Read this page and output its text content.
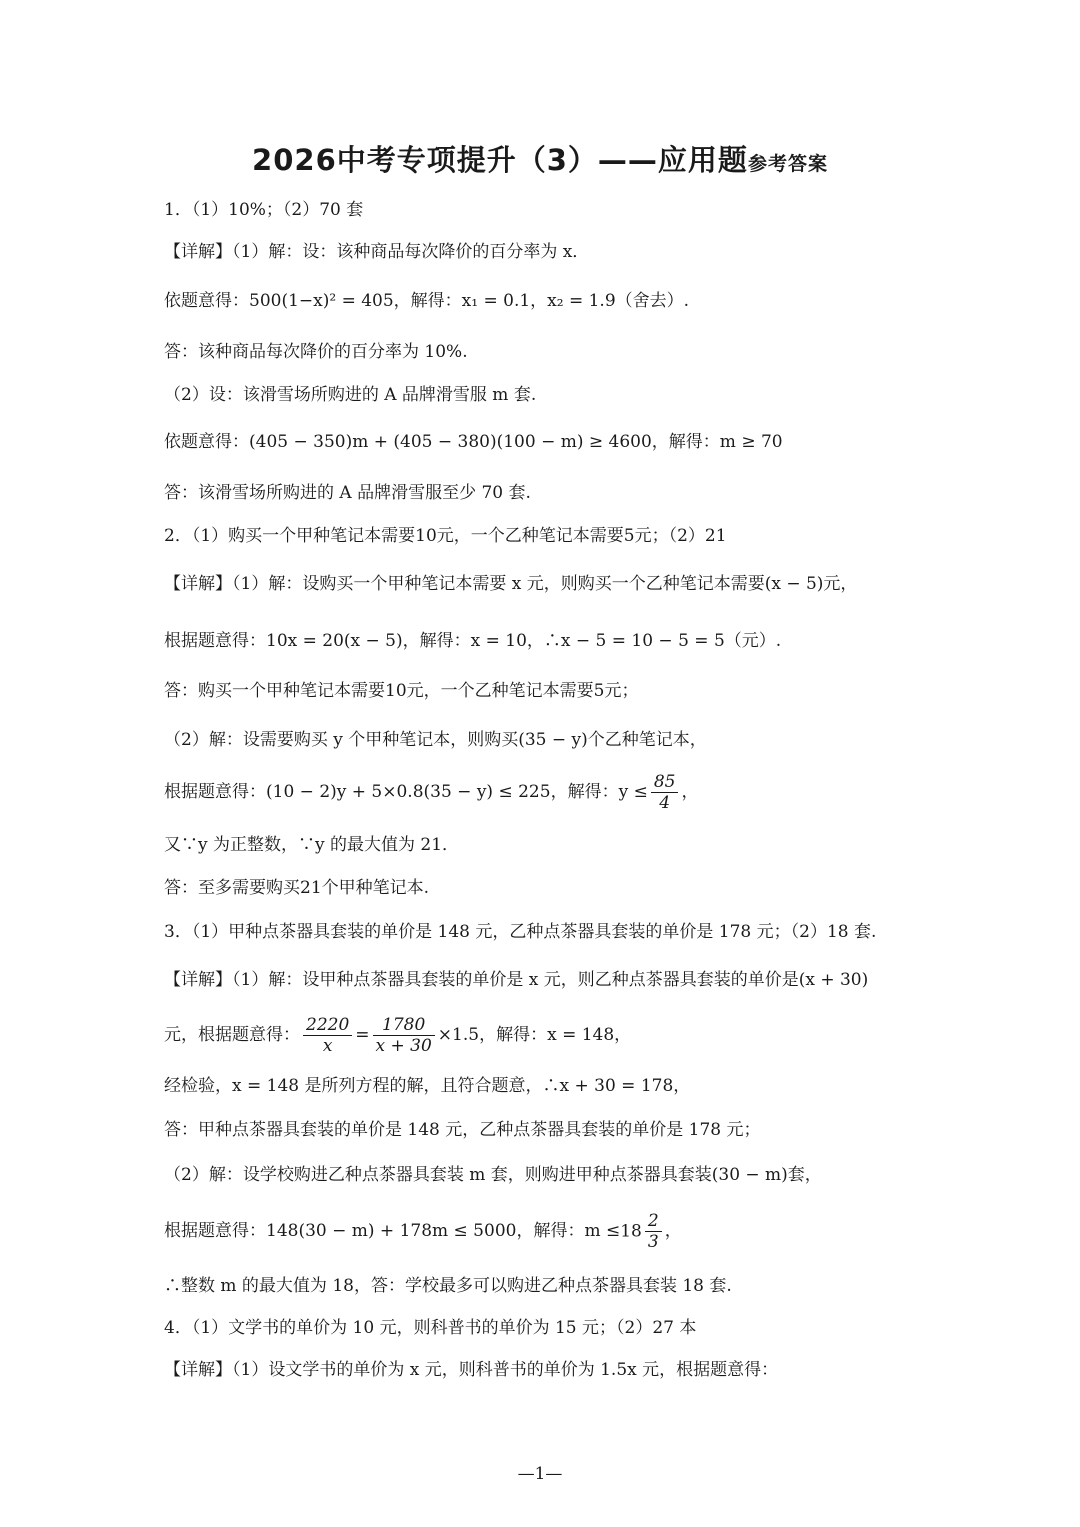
2026中考专项提升（3）——应用题参考答案
1．（1）10%；（2）70 套
【详解】（1）解：设：该种商品每次降价的百分率为 x．
依题意得：500(1−x)² = 405，解得：x₁ = 0.1，x₂ = 1.9（舍去）.
答：该种商品每次降价的百分率为 10%.
（2）设：该滑雪场所购进的 A 品牌滑雪服 m 套.
依题意得：(405 − 350)m + (405 − 380)(100 − m) ≥ 4600，解得：m ≥ 70
答：该滑雪场所购进的 A 品牌滑雪服至少 70 套.
2．（1）购买一个甲种笔记本需要10元，一个乙种笔记本需要5元；（2）21
【详解】（1）解：设购买一个甲种笔记本需要 x 元，则购买一个乙种笔记本需要(x − 5)元，
根据题意得：10x = 20(x − 5)，解得：x = 10，∴x − 5 = 10 − 5 = 5（元）.
答：购买一个甲种笔记本需要10元，一个乙种笔记本需要5元；
（2）解：设需要购买 y 个甲种笔记本，则购买(35 − y)个乙种笔记本，
根据题意得：(10 − 2)y + 5×0.8(35 − y) ≤ 225，解得：$y \le \frac{85}{4}$ ，
又∵y 为正整数，∵y 的最大值为 21．
答：至多需要购买21个甲种笔记本.
3．（1）甲种点茶器具套装的单价是 148 元，乙种点茶器具套装的单价是 178 元；（2）18 套.
【详解】（1）解：设甲种点茶器具套装的单价是 x 元，则乙种点茶器具套装的单价是(x + 30)
元，根据题意得： $\frac{2220}{x} = \frac{1780}{x + 30} \times 1.5$，解得：x = 148，
经检验，x = 148 是所列方程的解，且符合题意，∴x + 30 = 178，
答：甲种点茶器具套装的单价是 148 元，乙种点茶器具套装的单价是 178 元；
（2）解：设学校购进乙种点茶器具套装 m 套，则购进甲种点茶器具套装(30 − m)套，
根据题意得：148(30 − m) + 178m ≤ 5000，解得：$m \le 18 \frac{2}{3}$ ，
∴整数 m 的最大值为 18，答：学校最多可以购进乙种点茶器具套装 18 套.
4．（1）文学书的单价为 10 元，则科普书的单价为 15 元；（2）27 本
【详解】（1）设文学书的单价为 x 元，则科普书的单价为 1.5x 元，根据题意得：
—1—
